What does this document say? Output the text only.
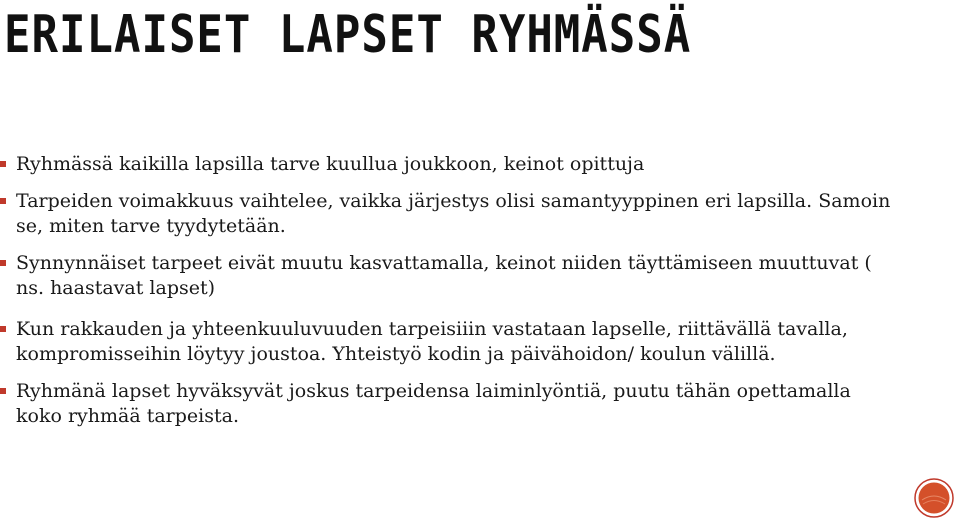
ERILAISET LAPSET RYHMÄSSÄ
Ryhmässä kaikilla lapsilla tarve kuullua joukkoon, keinot opittuja
Tarpeiden voimakkuus vaihtelee, vaikka järjestys olisi samantyyppinen eri lapsilla. Samoin se, miten tarve tyydytetään.
Synnynnäiset tarpeet eivät muutu kasvattamalla, keinot niiden täyttämiseen muuttuvat ( ns. haastavat lapset)
Kun rakkauden ja yhteenkuuluvuuden tarpeisiiin vastataan lapselle, riittävällä tavalla, kompromisseihin löytyy joustoa. Yhteistyö kodin ja päivähoidon/ koulun välillä.
Ryhmänä lapset hyväksyvät joskus tarpeidensa laiminlyöntiä, puutu tähän opettamalla koko ryhmää tarpeista.
